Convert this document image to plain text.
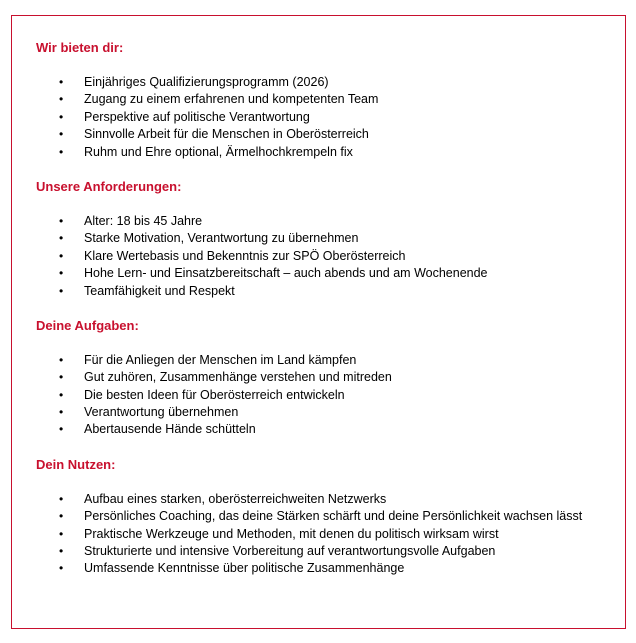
Wir bieten dir:
• Einjähriges Qualifizierungsprogramm (2026)
• Zugang zu einem erfahrenen und kompetenten Team
• Perspektive auf politische Verantwortung
• Sinnvolle Arbeit für die Menschen in Oberösterreich
• Ruhm und Ehre optional, Ärmelhochkrempeln fix
Unsere Anforderungen:
• Alter: 18 bis 45 Jahre
• Starke Motivation, Verantwortung zu übernehmen
• Klare Wertebasis und Bekenntnis zur SPÖ Oberösterreich
• Hohe Lern- und Einsatzbereitschaft – auch abends und am Wochenende
• Teamfähigkeit und Respekt
Deine Aufgaben:
• Für die Anliegen der Menschen im Land kämpfen
• Gut zuhören, Zusammenhänge verstehen und mitreden
• Die besten Ideen für Oberösterreich entwickeln
• Verantwortung übernehmen
• Abertausende Hände schütteln
Dein Nutzen:
• Aufbau eines starken, oberösterreichweiten Netzwerks
• Persönliches Coaching, das deine Stärken schärft und deine Persönlichkeit wachsen lässt
• Praktische Werkzeuge und Methoden, mit denen du politisch wirksam wirst
• Strukturierte und intensive Vorbereitung auf verantwortungsvolle Aufgaben
• Umfassende Kenntnisse über politische Zusammenhänge
